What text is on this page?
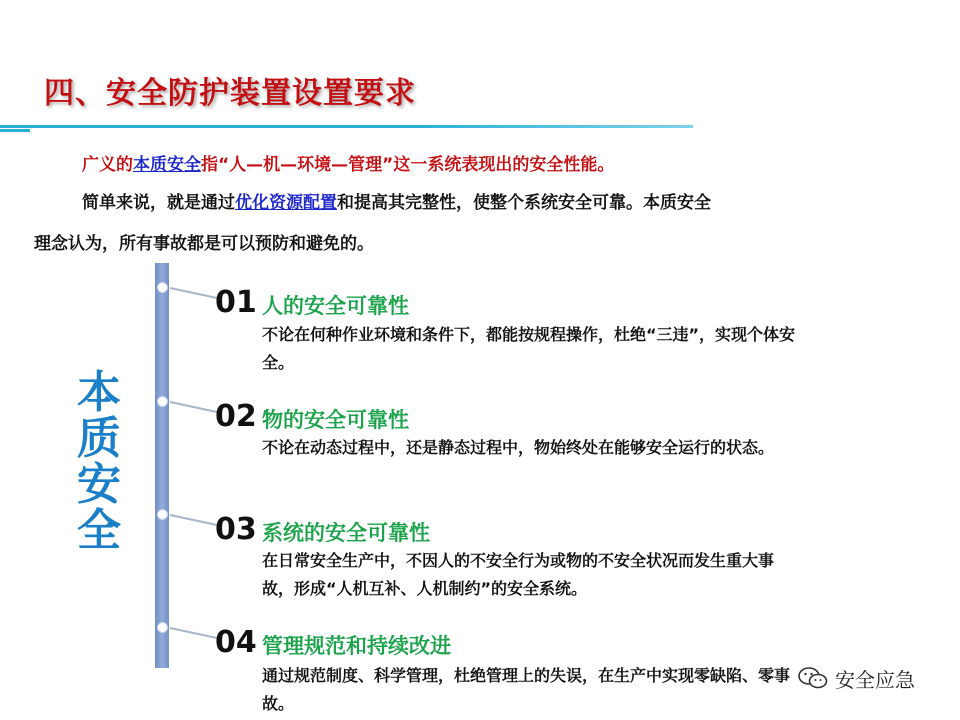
四、安全防护装置设置要求
广义的本质安全指“人—机—环境—管理”这一系统表现出的安全性能。
简单来说，就是通过优化资源配置和提高其完整性，使整个系统安全可靠。本质安全
理念认为，所有事故都是可以预防和避免的。
本
质
安
全
01 人的安全可靠性
不论在何种作业环境和条件下，都能按规程操作，杜绝“三违”，实现个体安全。
02 物的安全可靠性
不论在动态过程中，还是静态过程中，物始终处在能够安全运行的状态。
03 系统的安全可靠性
在日常安全生产中，不因人的不安全行为或物的不安全状况而发生重大事故，形成“人机互补、人机制约”的安全系统。
04 管理规范和持续改进
通过规范制度、科学管理，杜绝管理上的失误，在生产中实现零缺陷、零事故。
安全应急
